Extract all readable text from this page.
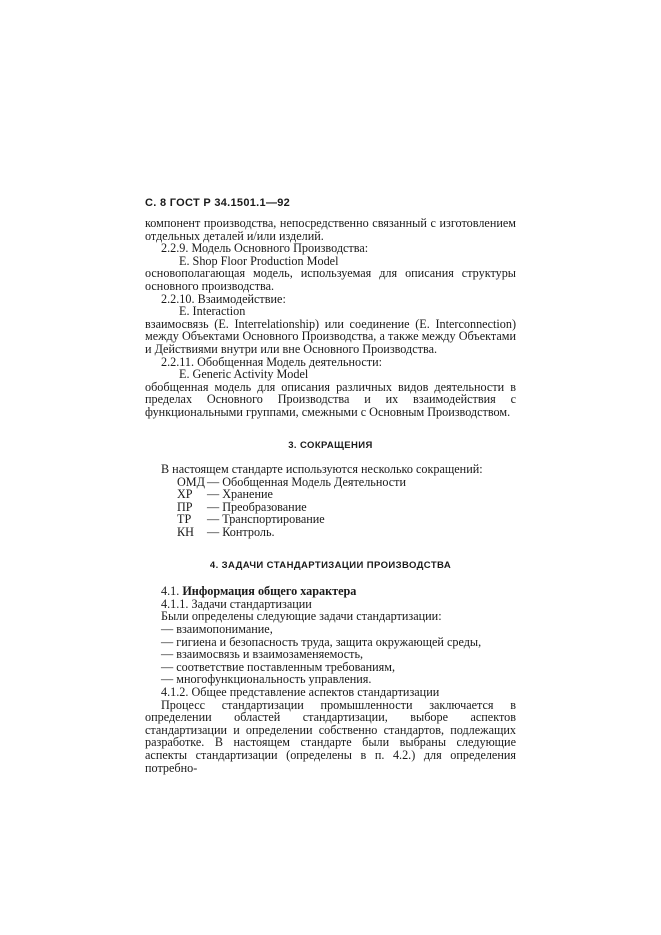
С. 8 ГОСТ Р 34.1501.1—92

компонент производства, непосредственно связанный с изготовлением отдельных деталей и/или изделий.

2.2.9. Модель Основного Производства:

E. Shop Floor Production Model

основополагающая модель, используемая для описания структуры основного производства.

2.2.10. Взаимодействие:

E. Interaction

взаимосвязь (E. Interrelationship) или соединение (E. Interconnection) между Объектами Основного Производства, а также между Объектами и Действиями внутри или вне Основного Производства.

2.2.11. Обобщенная Модель деятельности:

E. Generic Activity Model

обобщенная модель для описания различных видов деятельности в пределах Основного Производства и их взаимодействия с функциональными группами, смежными с Основным Производством.

3. СОКРАЩЕНИЯ

В настоящем стандарте используются несколько сокращений:

ОМД — Обобщенная Модель Деятельности
ХР	— Хранение
ПР	— Преобразование
ТР	— Транспортирование
КН	— Контроль.

4. ЗАДАЧИ СТАНДАРТИЗАЦИИ ПРОИЗВОДСТВА

4.1. Информация общего характера

4.1.1. Задачи стандартизации

Были определены следующие задачи стандартизации:

— взаимопонимание,

— гигиена и безопасность труда, защита окружающей среды,

— взаимосвязь и взаимозаменяемость,

— соответствие поставленным требованиям,

— многофункциональность управления.

4.1.2. Общее представление аспектов стандартизации

Процесс стандартизации промышленности заключается в определении областей стандартизации, выборе аспектов стандартизации и определении собственно стандартов, подлежащих разработке. В настоящем стандарте были выбраны следующие аспекты стандартизации (определены в п. 4.2.) для определения потребно-
